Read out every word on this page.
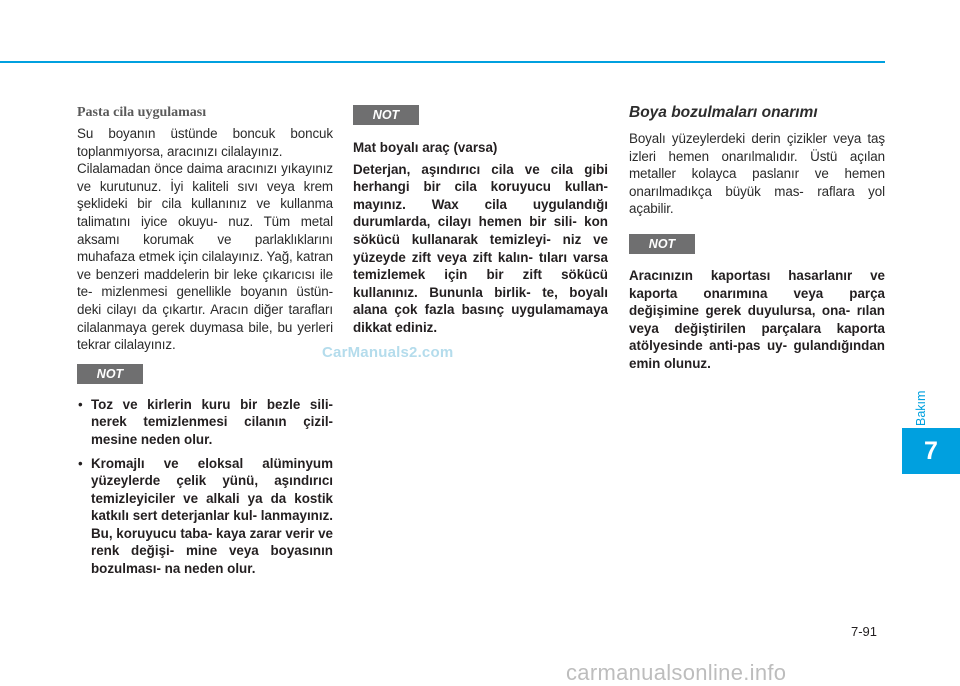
Pasta cila uygulaması

Su boyanın üstünde boncuk boncuk toplanmıyorsa, aracınızı cilalayınız.

Cilalamadan önce daima aracınızı yıkayınız ve kurutunuz. İyi kaliteli sıvı veya krem şeklideki bir cila kullanınız ve kullanma talimatını iyice okuyu- nuz. Tüm metal aksamı korumak ve parlaklıklarını muhafaza etmek için cilalayınız. Yağ, katran ve benzeri maddelerin bir leke çıkarıcısı ile te- mizlenmesi genellikle boyanın üstün- deki cilayı da çıkartır. Aracın diğer tarafları cilalanmaya gerek duymasa bile, bu yerleri tekrar cilalayınız.

NOT
• Toz ve kirlerin kuru bir bezle sili- nerek temizlenmesi cilanın çizil- mesine neden olur.
• Kromajlı ve eloksal alüminyum yüzeylerde çelik yünü, aşındırıcı temizleyiciler ve alkali ya da kostik katkılı sert deterjanlar kul- lanmayınız. Bu, koruyucu taba- kaya zarar verir ve renk değişi- mine veya boyasının bozulması- na neden olur.
NOT

Mat boyalı araç (varsa)

Deterjan, aşındırıcı cila ve cila gibi herhangi bir cila koruyucu kullan- mayınız. Wax cila uygulandığı durumlarda, cilayı hemen bir sili- kon sökücü kullanarak temizleyi- niz ve yüzeyde zift veya zift kalın- tıları varsa temizlemek için bir zift sökücü kullanınız. Bununla birlik- te, boyalı alana çok fazla basınç uygulamamaya dikkat ediniz.

Boya bozulmaları onarımı

Boyalı yüzeylerdeki derin çizikler veya taş izleri hemen onarılmalıdır. Üstü açılan metaller kolayca paslanır ve hemen onarılmadıkça büyük mas- raflara yol açabilir.

NOT

Aracınızın kaportası hasarlanır ve kaporta onarımına veya parça değişimine gerek duyulursa, ona- rılan veya değiştirilen parçalara kaporta atölyesinde anti-pas uy- gulandığından emin olunuz.

CarManuals2.com
carmanualsonline.info
Bakım
7
7-91
